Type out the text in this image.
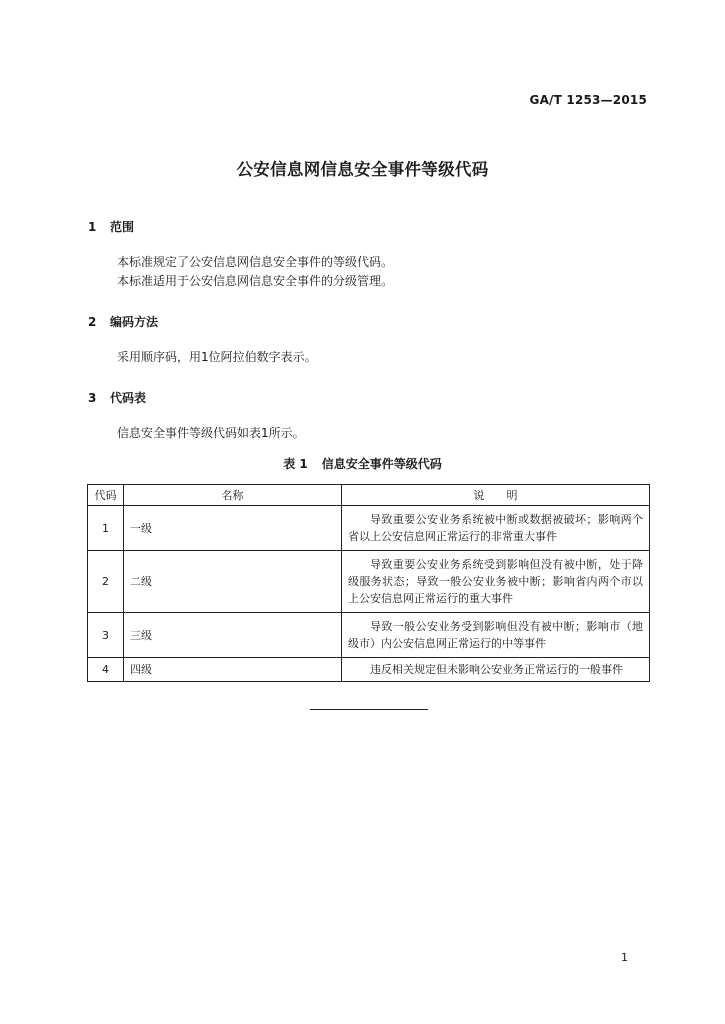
GA/T 1253—2015
公安信息网信息安全事件等级代码
1 范围
本标准规定了公安信息网信息安全事件的等级代码。
本标准适用于公安信息网信息安全事件的分级管理。
2 编码方法
采用顺序码，用1位阿拉伯数字表示。
3 代码表
信息安全事件等级代码如表1所示。
表 1 信息安全事件等级代码
代码	名称	说　　明
1	一级	导致重要公安业务系统被中断或数据被破坏；影响两个省以上公安信息网正常运行的非常重大事件
2	二级	导致重要公安业务系统受到影响但没有被中断，处于降级服务状态；导致一般公安业务被中断；影响省内两个市以上公安信息网正常运行的重大事件
3	三级	导致一般公安业务受到影响但没有被中断；影响市（地级市）内公安信息网正常运行的中等事件
4	四级	违反相关规定但未影响公安业务正常运行的一般事件
1
